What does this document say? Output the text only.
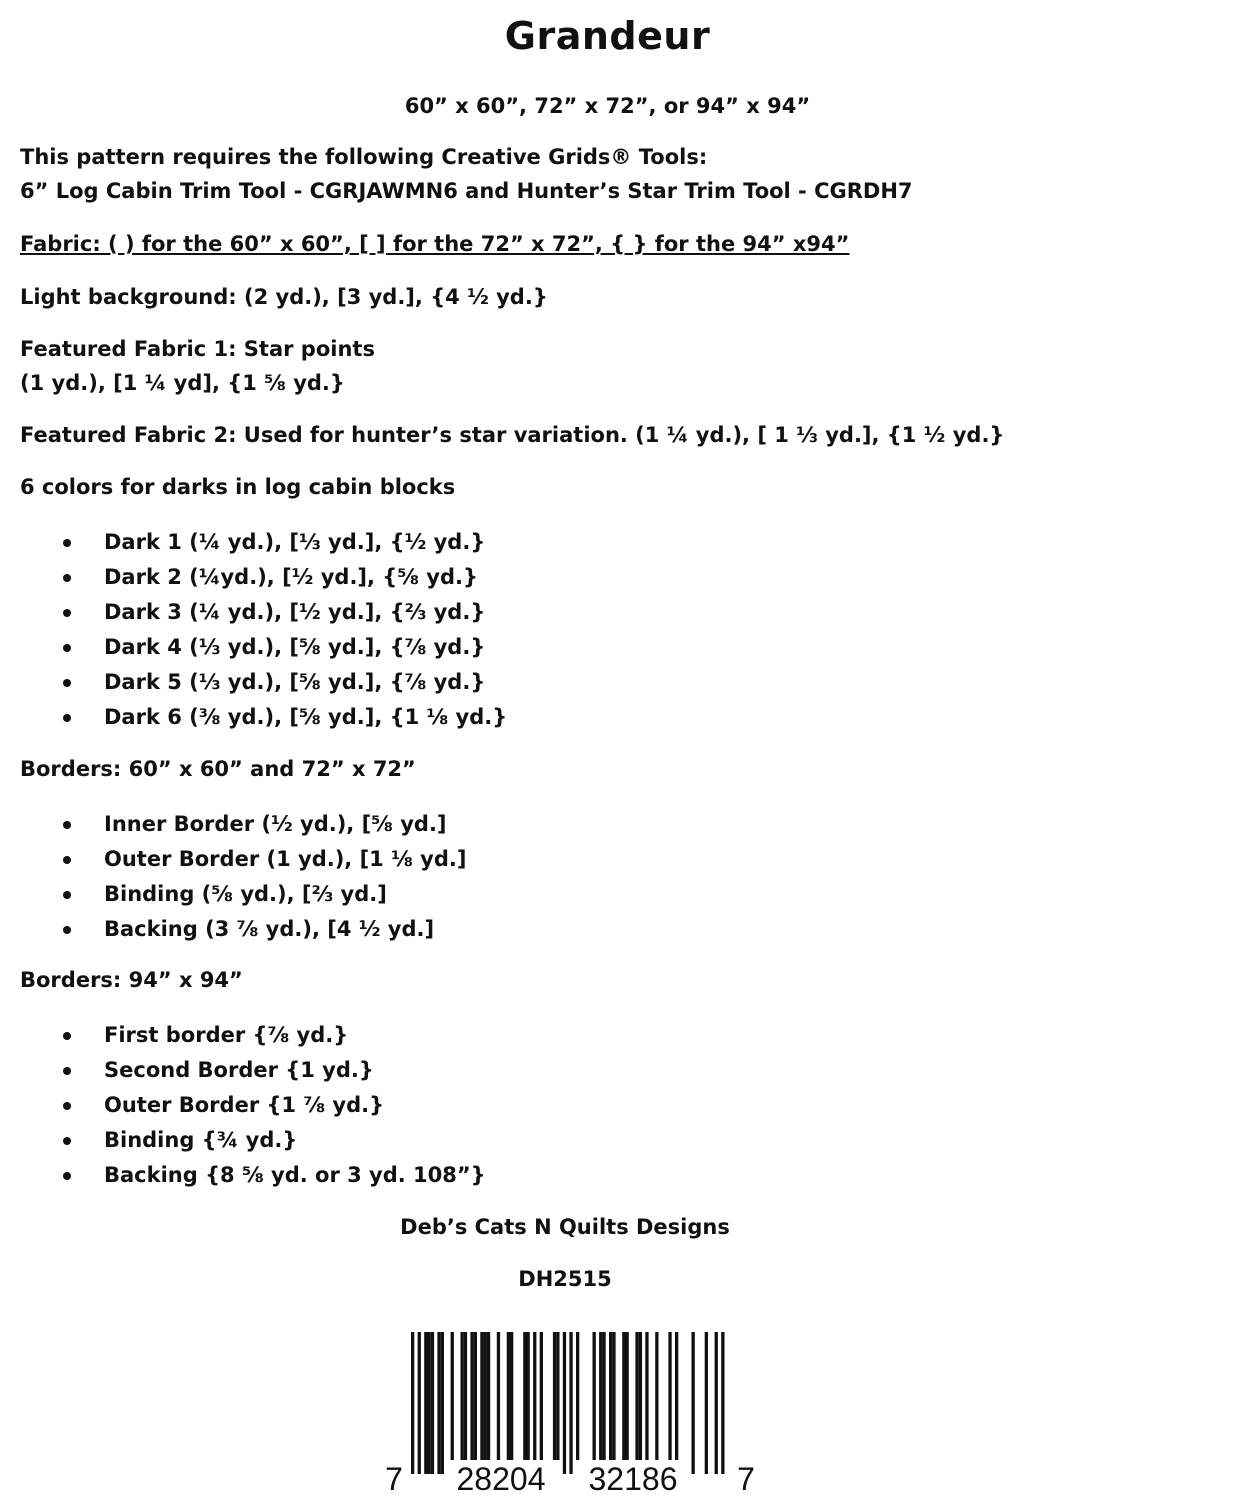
Grandeur
60” x 60”, 72” x 72”, or 94” x 94”
This pattern requires the following Creative Grids® Tools:
6” Log Cabin Trim Tool - CGRJAWMN6 and Hunter’s Star Trim Tool - CGRDH7
Fabric: ( ) for the 60” x 60”, [ ] for the 72” x 72”, { } for the 94” x94”
Light background: (2 yd.), [3 yd.], {4 ½ yd.}
Featured Fabric 1: Star points
(1 yd.), [1 ¼ yd], {1 ⅝ yd.}
Featured Fabric 2: Used for hunter’s star variation. (1 ¼ yd.), [ 1 ⅓ yd.], {1 ½ yd.}
6 colors for darks in log cabin blocks
Dark 1 (¼ yd.), [⅓ yd.], {½ yd.}
Dark 2 (¼yd.), [½ yd.], {⅝ yd.}
Dark 3 (¼ yd.), [½ yd.], {⅔ yd.}
Dark 4 (⅓ yd.), [⅝ yd.], {⅞ yd.}
Dark 5 (⅓ yd.), [⅝ yd.], {⅞ yd.}
Dark 6 (⅜ yd.), [⅝ yd.], {1 ⅛ yd.}
Borders: 60” x 60” and 72” x 72”
Inner Border (½ yd.), [⅝ yd.]
Outer Border (1 yd.), [1 ⅛ yd.]
Binding (⅝ yd.), [⅔ yd.]
Backing (3 ⅞ yd.), [4 ½ yd.]
Borders: 94” x 94”
First border {⅞ yd.}
Second Border {1 yd.}
Outer Border {1 ⅞ yd.}
Binding {¾ yd.}
Backing {8 ⅝ yd. or 3 yd. 108”}
Deb’s Cats N Quilts Designs
DH2515
7 28204 32186 7
